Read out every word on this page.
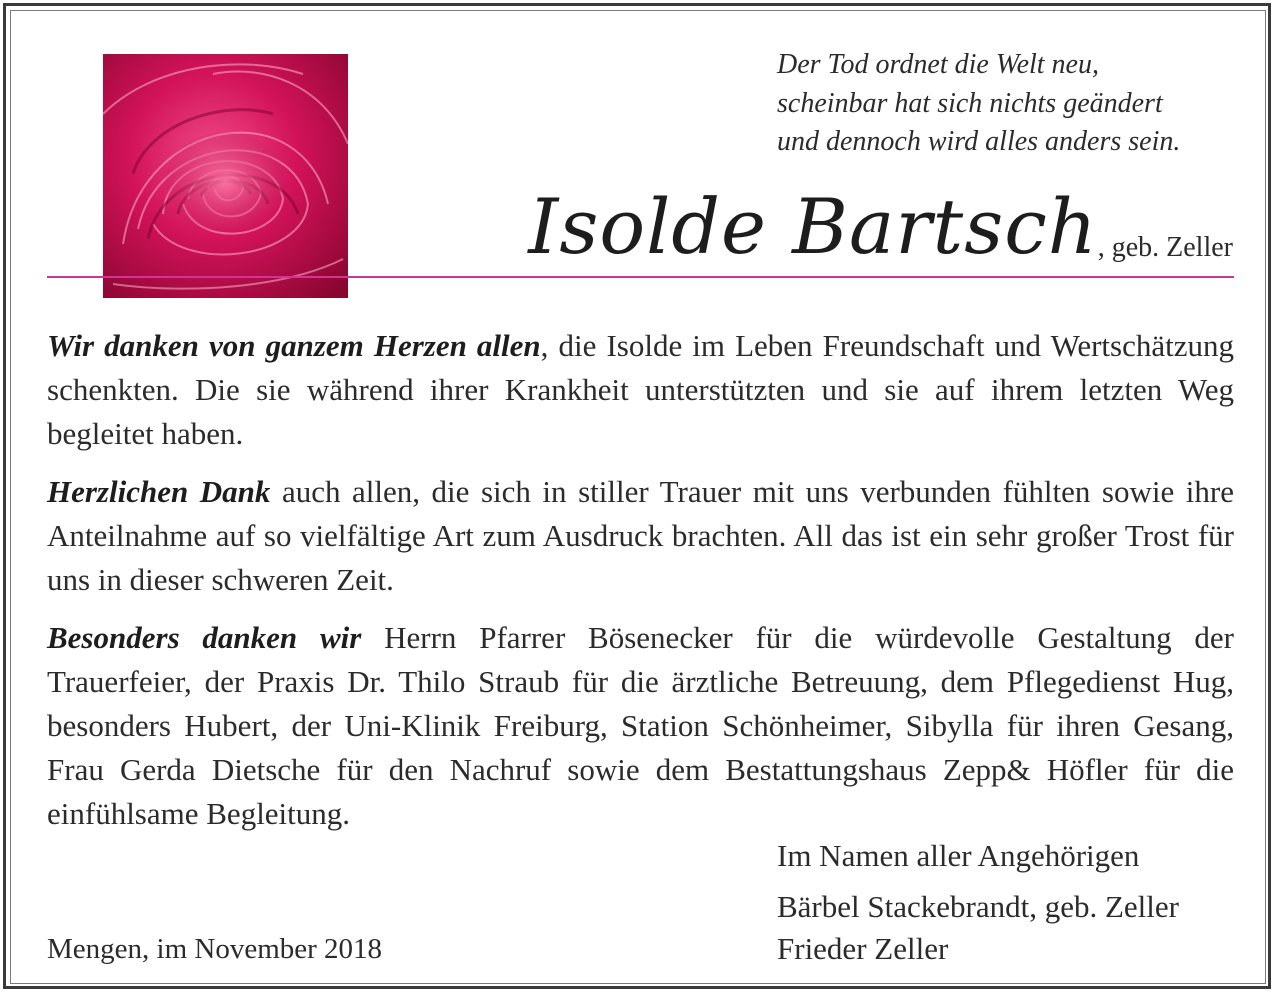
Der Tod ordnet die Welt neu,
scheinbar hat sich nichts geändert
und dennoch wird alles anders sein.
Isolde Bartsch , geb. Zeller

Wir danken von ganzem Herzen allen, die Isolde im Leben Freundschaft und Wertschätzung schenkten. Die sie während ihrer Krankheit unterstützten und sie auf ihrem letzten Weg begleitet haben.

Herzlichen Dank auch allen, die sich in stiller Trauer mit uns verbunden fühlten sowie ihre Anteilnahme auf so vielfältige Art zum Ausdruck brachten. All das ist ein sehr großer Trost für uns in dieser schweren Zeit.

Besonders danken wir Herrn Pfarrer Bösenecker für die würdevolle Gestaltung der Trauerfeier, der Praxis Dr. Thilo Straub für die ärztliche Betreuung, dem Pflegedienst Hug, besonders Hubert, der Uni-Klinik Freiburg, Station Schönheimer, Sibylla für ihren Gesang, Frau Gerda Dietsche für den Nachruf sowie dem Bestattungshaus Zepp& Höfler für die einfühlsame Begleitung.

Im Namen aller Angehörigen
Bärbel Stackebrandt, geb. Zeller
Frieder Zeller
Mengen, im November 2018
